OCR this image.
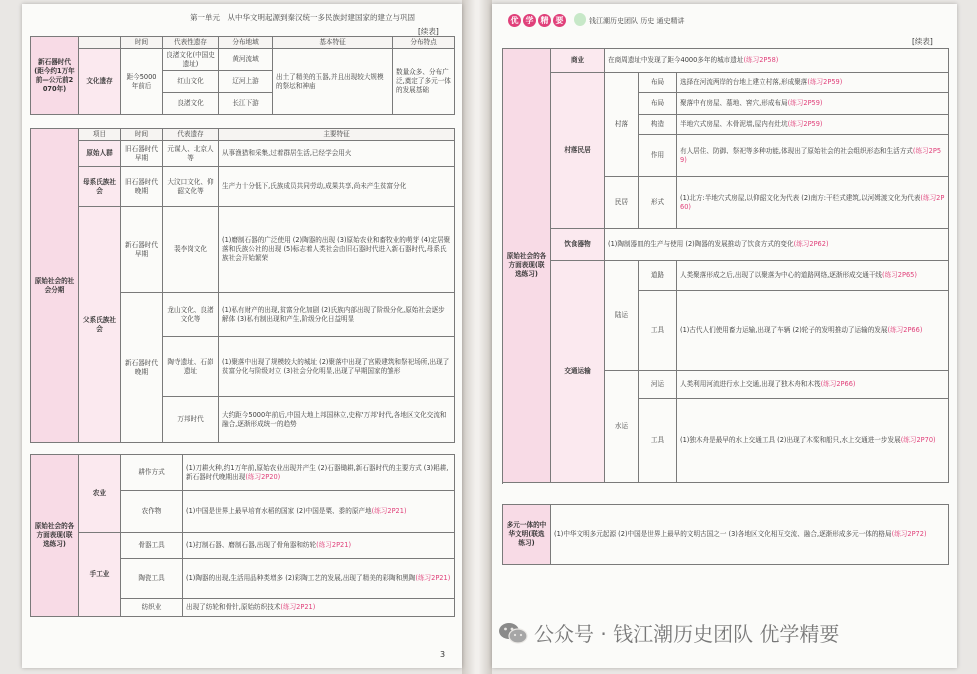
第一单元　从中华文明起源到秦汉统一多民族封建国家的建立与巩固
[续表]
新石器时代(距今约1万年前—公元前2070年)		时间	代表性遗存	分布地域	基本特征	分布特点
	文化遗存	距今5000年前后	良渚文化(中国史遗址)	黄河流域	出土了精美的玉器,并且出现较大规模的祭坛和神庙	数量众多、分布广泛,奠定了多元一体的发展基础
			红山文化	辽河上游		
			良渚文化	长江下游		
原始社会的社会分期	项目	时间	代表遗存	主要特征
	原始人群	旧石器时代早期	元谋人、北京人等	从事渔猎和采集,过着群居生活,已经学会用火
	母系氏族社会	旧石器时代晚期	大汶口文化、仰韶文化等	生产力十分低下,氏族成员共同劳动,成果共享,尚未产生贫富分化
	父系氏族社会	新石器时代早期	裴李岗文化	(1)磨制石器的广泛使用 (2)陶器的出现 (3)原始农业和畜牧业的萌芽 (4)定居聚落和氏族公社的出现 (5)标志着人类社会由旧石器时代进入新石器时代,母系氏族社会开始繁荣
		新石器时代晚期	龙山文化、良渚文化等	(1)私有财产的出现,贫富分化加剧 (2)氏族内部出现了阶级分化,原始社会逐步解体 (3)私有制出现和产生,阶级分化日益明显
			陶寺遗址、石峁遗址	(1)聚落中出现了规模较大的城址 (2)聚落中出现了宫殿建筑和祭祀场所,出现了贫富分化与阶级对立 (3)社会分化明显,出现了早期国家的雏形
			万邦时代	大约距今5000年前后,中国大地上邦国林立,史称'万邦'时代,各地区文化交流和融合,逐渐形成统一的趋势
原始社会的各方面表现(联选练习)	农业	耕作方式	(1)刀耕火种,约1万年前,原始农业出现并产生 (2)石器锄耕,新石器时代的主要方式 (3)耜耕,新石器时代晚期出现(练习2P20)
		农作物	(1)中国是世界上最早培育水稻的国家 (2)中国是粟、黍的原产地(练习2P21)
	手工业	骨器工具	(1)打制石器、磨制石器,出现了骨角器和纺轮(练习2P21)
		陶瓷工具	(1)陶器的出现,生活用品种类增多 (2)彩陶工艺的发展,出现了精美的彩陶和黑陶(练习2P21)
		纺织业	出现了纺轮和骨针,原始纺织技术(练习2P21)
3
优 学 精 要	钱江潮历史团队 历史 通史精讲
[续表]
原始社会的各方面表现(联选练习)	商业	在商周遗址中发现了距今4000多年的城市遗址(练习2P58)		
	村落民居	村落	布局	选择在河流两岸的台地上建立村落,形成聚落(练习2P59)
			布局	聚落中有房屋、墓地、窖穴,形成布局(练习2P59)
			构造	半地穴式房屋、木骨泥墙,屋内有灶坑(练习2P59)
			作用	有人居住、防御、祭祀等多种功能,体现出了原始社会的社会组织形态和生活方式(练习2P59)
		民居	形式	(1)北方:半地穴式房屋,以仰韶文化为代表 (2)南方:干栏式建筑,以河姆渡文化为代表(练习2P60)
	饮食器物	(1)陶制器皿的生产与使用 (2)陶器的发展推动了饮食方式的变化(练习2P62)		
	交通运输	陆运	道路	人类聚落形成之后,出现了以聚落为中心的道路网络,逐渐形成交通干线(练习2P65)
			工具	(1)古代人们使用畜力运输,出现了车辆 (2)轮子的发明推动了运输的发展(练习2P66)
		水运	河运	人类利用河流进行水上交通,出现了独木舟和木筏(练习2P66)
			工具	(1)独木舟是最早的水上交通工具 (2)出现了木桨和船只,水上交通进一步发展(练习2P70)

多元一体的中华文明(联选练习)	(1)中华文明多元起源 (2)中国是世界上最早的文明古国之一 (3)各地区文化相互交流、融合,逐渐形成多元一体的格局(练习2P72)
公众号 · 钱江潮历史团队 优学精要
